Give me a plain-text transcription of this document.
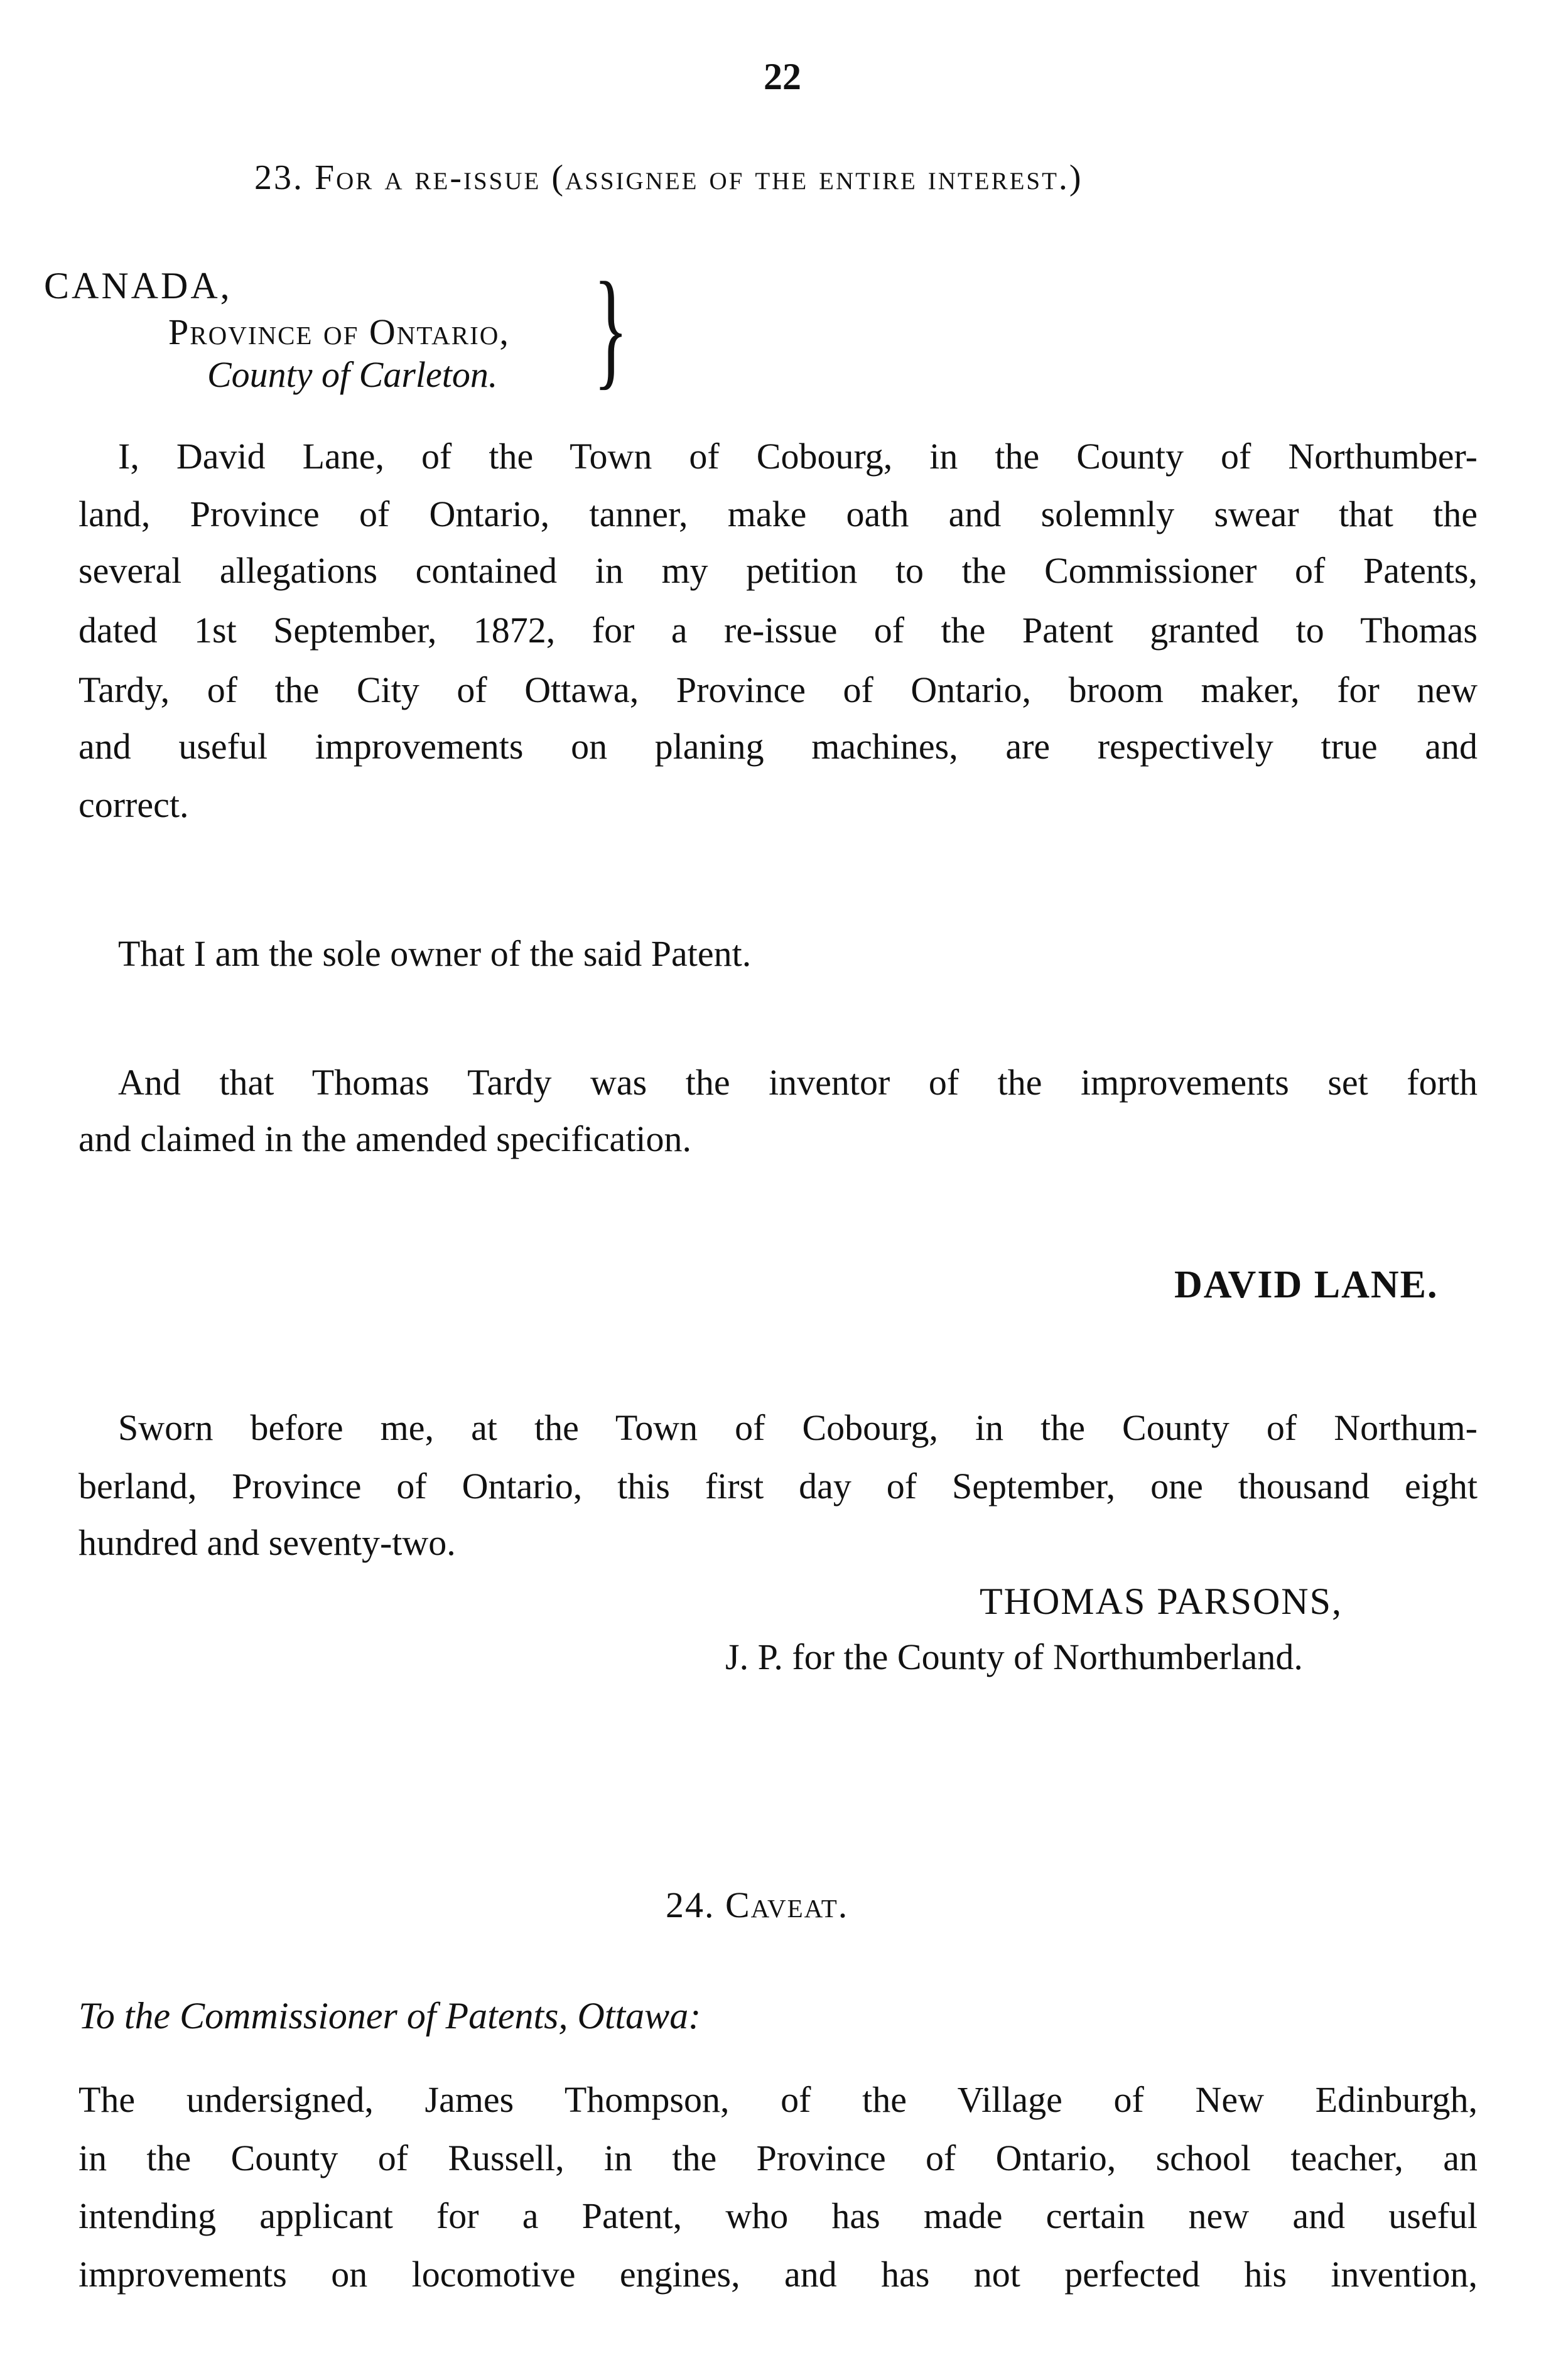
22
23. For a re-issue (assignee of the entire interest.)
CANADA,
Province of Ontario,
County of Carleton. }
I, David Lane, of the Town of Cobourg, in the County of Northumber-
land, Province of Ontario, tanner, make oath and solemnly swear that the
several allegations contained in my petition to the Commissioner of Patents,
dated 1st September, 1872, for a re-issue of the Patent granted to Thomas
Tardy, of the City of Ottawa, Province of Ontario, broom maker, for new
and useful improvements on planing machines, are respectively true and
correct.
That I am the sole owner of the said Patent.
And that Thomas Tardy was the inventor of the improvements set forth
and claimed in the amended specification.
DAVID LANE.
Sworn before me, at the Town of Cobourg, in the County of Northum-
berland, Province of Ontario, this first day of September, one thousand eight
hundred and seventy-two.
THOMAS PARSONS,
J. P. for the County of Northumberland.
24. Caveat.
To the Commissioner of Patents, Ottawa:
The undersigned, James Thompson, of the Village of New Edinburgh,
in the County of Russell, in the Province of Ontario, school teacher, an
intending applicant for a Patent, who has made certain new and useful
improvements on locomotive engines, and has not perfected his invention,
